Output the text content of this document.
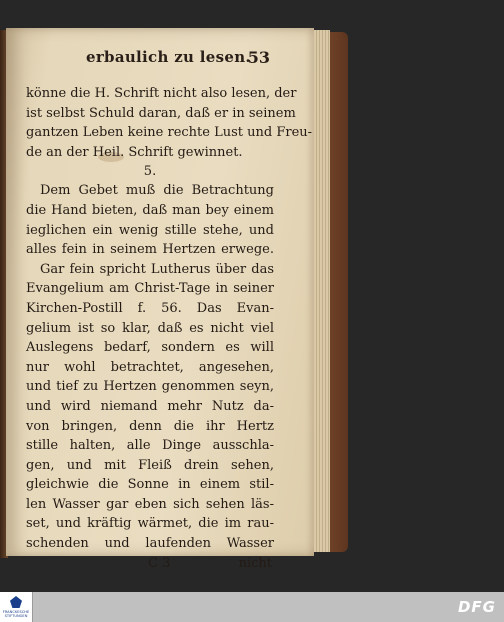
erbaulich zu lesen.
53
könne die H. Schrift nicht also lesen, der
ist selbst Schuld daran, daß er in seinem
gantzen Leben keine rechte Lust und Freu-
de an der Heil. Schrift gewinnet.
5.
Dem Gebet muß die Betrachtung
die Hand bieten, daß man bey einem
ieglichen ein wenig stille stehe, und
alles fein in seinem Hertzen erwege.
Gar fein spricht Lutherus über das
Evangelium am Christ-Tage in seiner
Kirchen-Postill f. 56. Das Evan-
gelium ist so klar, daß es nicht viel
Auslegens bedarf, sondern es will
nur wohl betrachtet, angesehen,
und tief zu Hertzen genommen seyn,
und wird niemand mehr Nutz da-
von bringen, denn die ihr Hertz
stille halten, alle Dinge ausschla-
gen, und mit Fleiß drein sehen,
gleichwie die Sonne in einem stil-
len Wasser gar eben sich sehen läs-
set, und kräftig wärmet, die im rau-
schenden und laufenden Wasser
C 3	nicht
FRANCKESCHE STIFTUNGEN	DFG
